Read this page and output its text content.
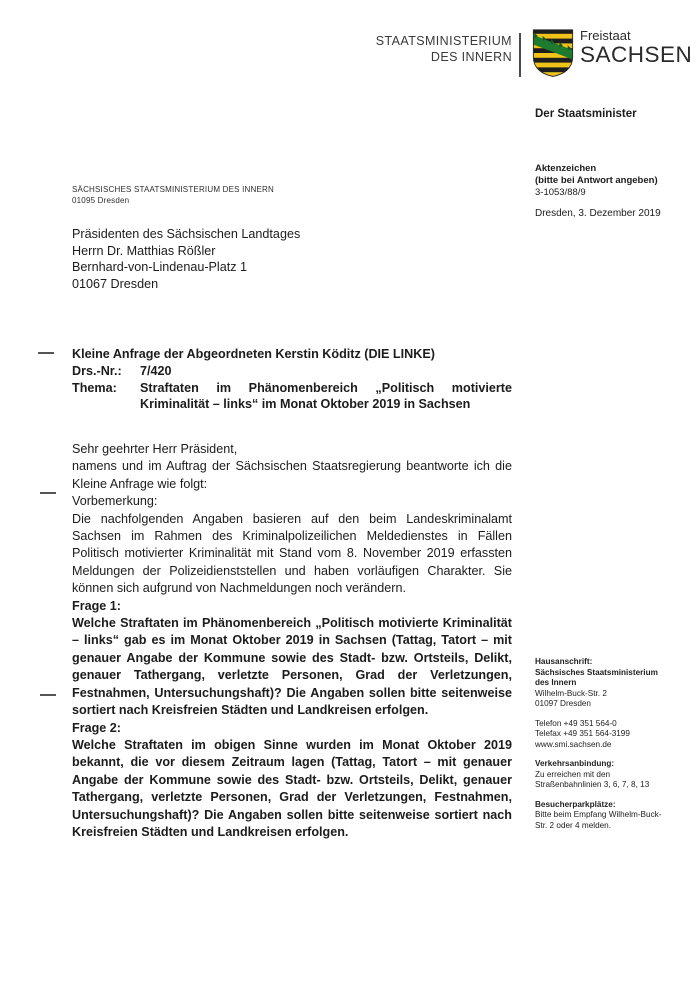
STAATSMINISTERIUM
DES INNERN
Freistaat
SACHSEN
Der Staatsminister
Aktenzeichen
(bitte bei Antwort angeben)
3-1053/88/9
Dresden, 3. Dezember 2019
SÄCHSISCHES STAATSMINISTERIUM DES INNERN
01095 Dresden
Präsidenten des Sächsischen Landtages
Herrn Dr. Matthias Rößler
Bernhard-von-Lindenau-Platz 1
01067 Dresden
Kleine Anfrage der Abgeordneten Kerstin Köditz (DIE LINKE)
Drs.-Nr.:	7/420
Thema:	Straftaten im Phänomenbereich „Politisch motivierte Kriminalität – links“ im Monat Oktober 2019 in Sachsen

Sehr geehrter Herr Präsident,

namens und im Auftrag der Sächsischen Staatsregierung beantworte ich die Kleine Anfrage wie folgt:

Vorbemerkung:

Die nachfolgenden Angaben basieren auf den beim Landeskriminalamt Sachsen im Rahmen des Kriminalpolizeilichen Meldedienstes in Fällen Politisch motivierter Kriminalität mit Stand vom 8. November 2019 erfassten Meldungen der Polizeidienststellen und haben vorläufigen Charakter. Sie können sich aufgrund von Nachmeldungen noch verändern.

Frage 1:

Welche Straftaten im Phänomenbereich „Politisch motivierte Kriminalität – links“ gab es im Monat Oktober 2019 in Sachsen (Tattag, Tatort – mit genauer Angabe der Kommune sowie des Stadt- bzw. Ortsteils, Delikt, genauer Tathergang, verletzte Personen, Grad der Verletzungen, Festnahmen, Untersuchungshaft)? Die Angaben sollen bitte seitenweise sortiert nach Kreisfreien Städten und Landkreisen erfolgen.

Frage 2:

Welche Straftaten im obigen Sinne wurden im Monat Oktober 2019 bekannt, die vor diesem Zeitraum lagen (Tattag, Tatort – mit genauer Angabe der Kommune sowie des Stadt- bzw. Ortsteils, Delikt, genauer Tathergang, verletzte Personen, Grad der Verletzungen, Festnahmen, Untersuchungshaft)? Die Angaben sollen bitte seitenweise sortiert nach Kreisfreien Städten und Landkreisen erfolgen.

Hausanschrift:
Sächsisches Staatsministerium
des Innern
Wilhelm-Buck-Str. 2
01097 Dresden
Telefon +49 351 564-0
Telefax +49 351 564-3199
www.smi.sachsen.de
Verkehrsanbindung:
Zu erreichen mit den Straßenbahnlinien 3, 6, 7, 8, 13
Besucherparkplätze:
Bitte beim Empfang Wilhelm-Buck-Str. 2 oder 4 melden.
